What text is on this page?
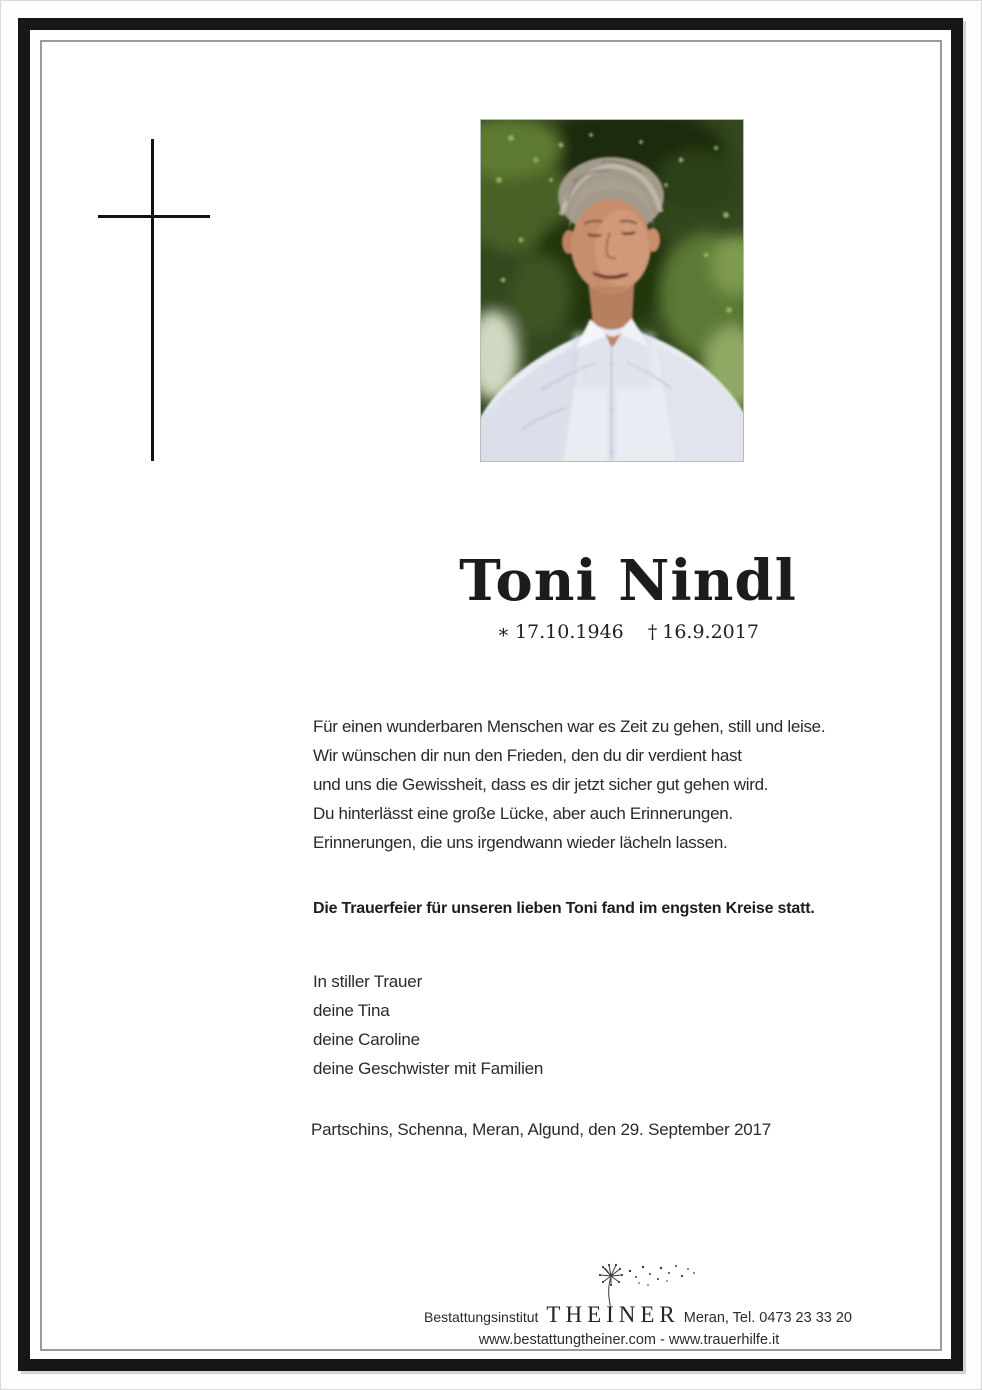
Toni Nindl
∗ 17.10.1946 † 16.9.2017
Für einen wunderbaren Menschen war es Zeit zu gehen, still und leise.
Wir wünschen dir nun den Frieden, den du dir verdient hast
und uns die Gewissheit, dass es dir jetzt sicher gut gehen wird.
Du hinterlässt eine große Lücke, aber auch Erinnerungen.
Erinnerungen, die uns irgendwann wieder lächeln lassen.
Die Trauerfeier für unseren lieben Toni fand im engsten Kreise statt.
In stiller Trauer
deine Tina
deine Caroline
deine Geschwister mit Familien
Partschins, Schenna, Meran, Algund, den 29. September 2017
Bestattungsinstitut THEINER Meran, Tel. 0473 23 33 20
www.bestattungtheiner.com - www.trauerhilfe.it
